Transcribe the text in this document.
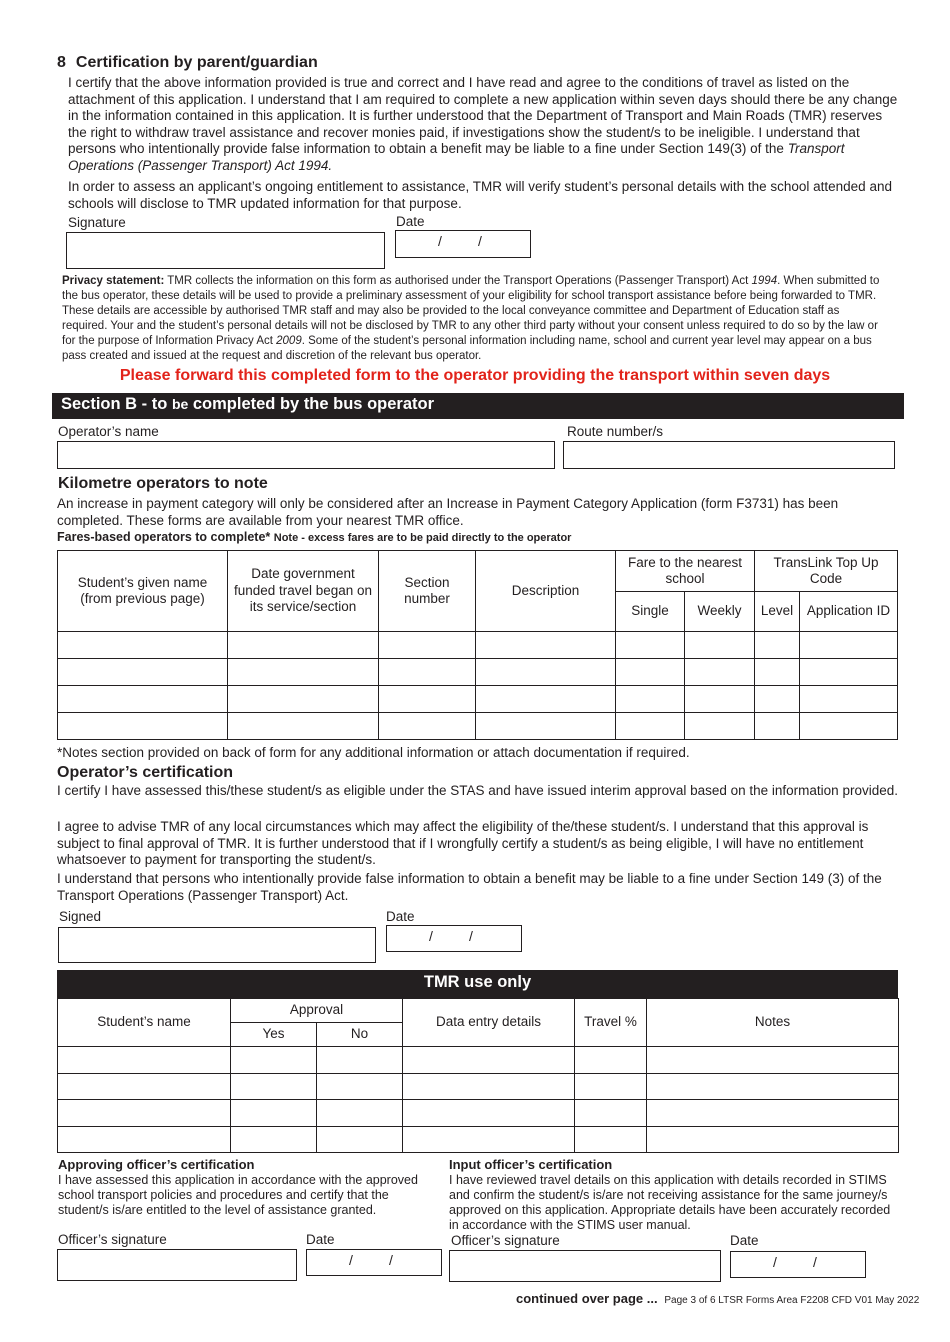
8 Certification by parent/guardian
I certify that the above information provided is true and correct and I have read and agree to the conditions of travel as listed on the attachment of this application. I understand that I am required to complete a new application within seven days should there be any change in the information contained in this application. It is further understood that the Department of Transport and Main Roads (TMR) reserves the right to withdraw travel assistance and recover monies paid, if investigations show the student/s to be ineligible. I understand that persons who intentionally provide false information to obtain a benefit may be liable to a fine under Section 149(3) of the Transport Operations (Passenger Transport) Act 1994.
In order to assess an applicant’s ongoing entitlement to assistance, TMR will verify student’s personal details with the school attended and schools will disclose to TMR updated information for that purpose.
Signature	Date
/	/
Privacy statement: TMR collects the information on this form as authorised under the Transport Operations (Passenger Transport) Act 1994. When submitted to the bus operator, these details will be used to provide a preliminary assessment of your eligibility for school transport assistance before being forwarded to TMR. These details are accessible by authorised TMR staff and may also be provided to the local conveyance committee and Department of Education staff as required. Your and the student’s personal details will not be disclosed by TMR to any other third party without your consent unless required to do so by the law or for the purpose of Information Privacy Act 2009. Some of the student’s personal information including name, school and current year level may appear on a bus pass created and issued at the request and discretion of the relevant bus operator.
Please forward this completed form to the operator providing the transport within seven days
Section B - to be completed by the bus operator
Operator’s name	Route number/s
Kilometre operators to note
An increase in payment category will only be considered after an Increase in Payment Category Application (form F3731) has been completed. These forms are available from your nearest TMR office.
Fares-based operators to complete* Note - excess fares are to be paid directly to the operator
Student’s given name (from previous page)	Date government funded travel began on its service/section	Section number	Description	Fare to the nearest school		TransLink Top Up Code	
				Single	Weekly	Level	Application ID

*Notes section provided on back of form for any additional information or attach documentation if required.
Operator’s certification
I certify I have assessed this/these student/s as eligible under the STAS and have issued interim approval based on the information provided.
I agree to advise TMR of any local circumstances which may affect the eligibility of the/these student/s. I understand that this approval is subject to final approval of TMR. It is further understood that if I wrongfully certify a student/s as being eligible, I will have no entitlement whatsoever to payment for transporting the student/s.
I understand that persons who intentionally provide false information to obtain a benefit may be liable to a fine under Section 149 (3) of the Transport Operations (Passenger Transport) Act.
Signed	Date
/	/
TMR use only
Student’s name	Approval		Data entry details	Travel %	Notes
	Yes	No			

Approving officer’s certification
I have assessed this application in accordance with the approved school transport policies and procedures and certify that the student/s is/are entitled to the level of assistance granted.
Officer’s signature	Date
/	/
Input officer’s certification
I have reviewed travel details on this application with details recorded in STIMS and confirm the student/s is/are not receiving assistance for the same journey/s approved on this application. Appropriate details have been accurately recorded in accordance with the STIMS user manual.
Officer’s signature	Date
/	/
continued over page ... Page 3 of 6 LTSR Forms Area F2208 CFD V01 May 2022
